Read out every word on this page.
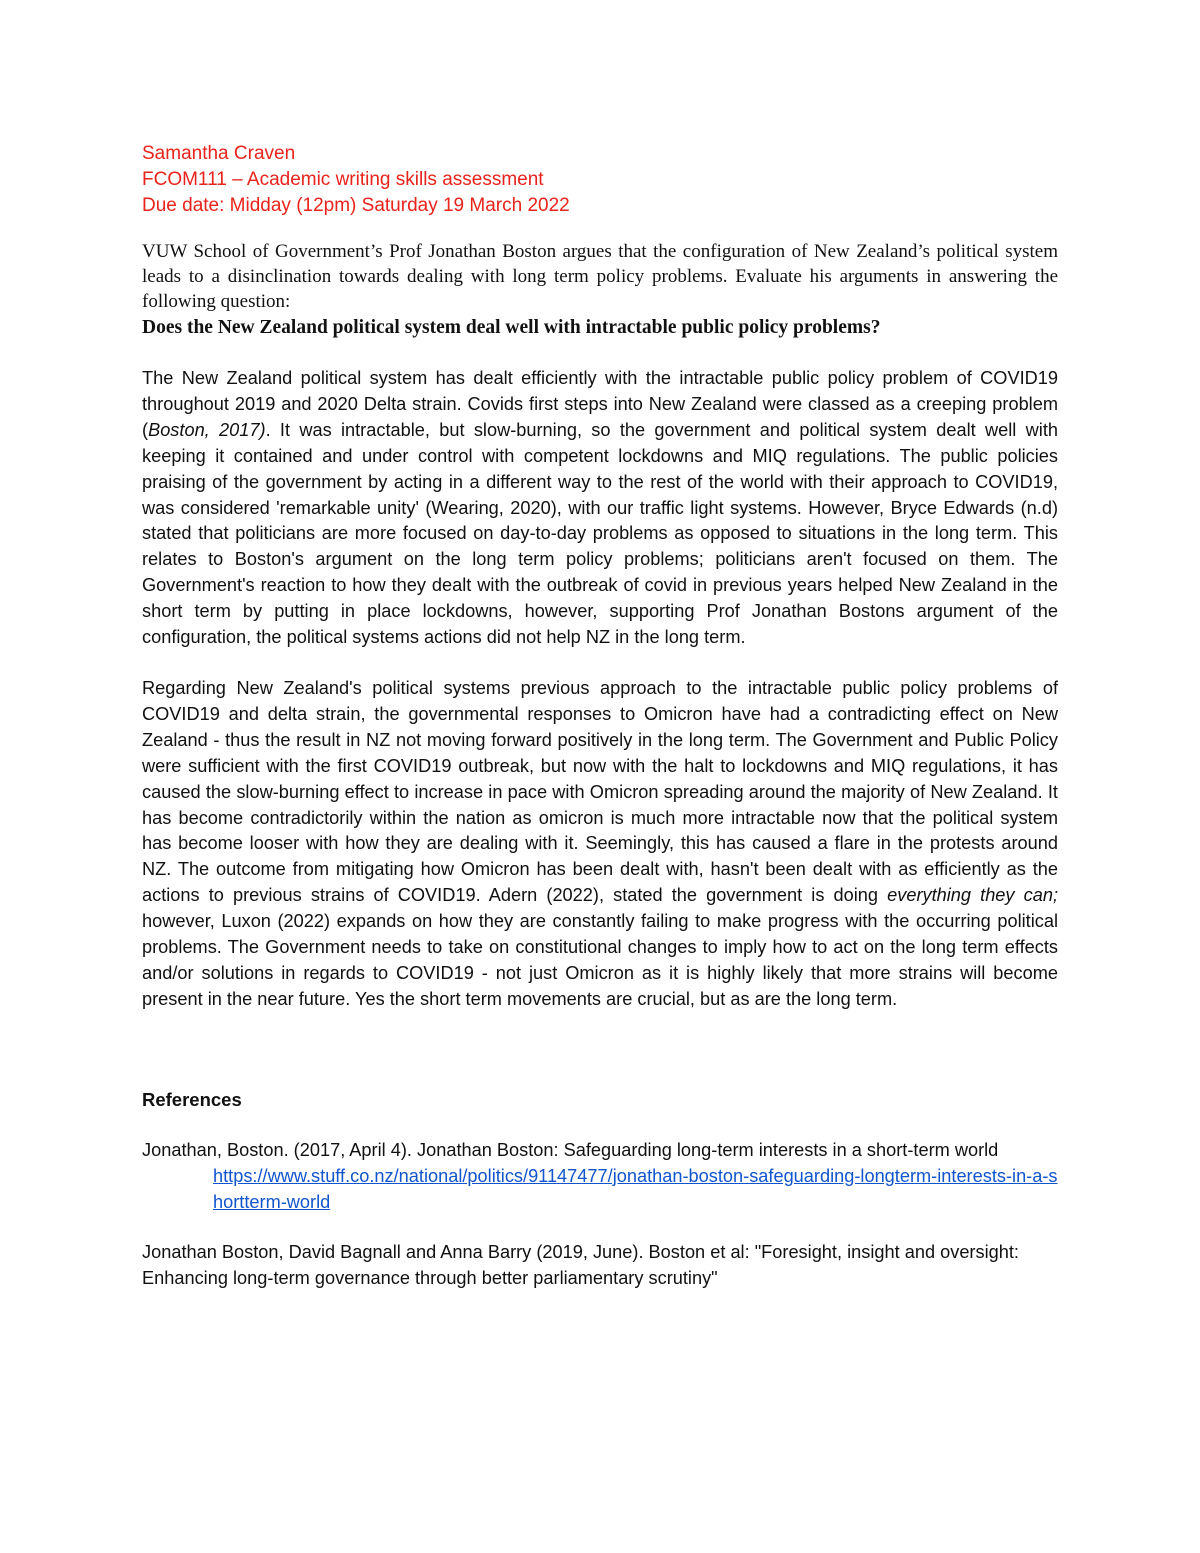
Samantha Craven
FCOM111 – Academic writing skills assessment
Due date: Midday (12pm) Saturday 19 March 2022
VUW School of Government’s Prof Jonathan Boston argues that the configuration of New Zealand’s political system leads to a disinclination towards dealing with long term policy problems. Evaluate his arguments in answering the following question:
Does the New Zealand political system deal well with intractable public policy problems?
The New Zealand political system has dealt efficiently with the intractable public policy problem of COVID19 throughout 2019 and 2020 Delta strain. Covids first steps into New Zealand were classed as a creeping problem (Boston, 2017). It was intractable, but slow-burning, so the government and political system dealt well with keeping it contained and under control with competent lockdowns and MIQ regulations. The public policies praising of the government by acting in a different way to the rest of the world with their approach to COVID19, was considered 'remarkable unity' (Wearing, 2020), with our traffic light systems. However, Bryce Edwards (n.d) stated that politicians are more focused on day-to-day problems as opposed to situations in the long term. This relates to Boston's argument on the long term policy problems; politicians aren't focused on them. The Government's reaction to how they dealt with the outbreak of covid in previous years helped New Zealand in the short term by putting in place lockdowns, however, supporting Prof Jonathan Bostons argument of the configuration, the political systems actions did not help NZ in the long term.
Regarding New Zealand's political systems previous approach to the intractable public policy problems of COVID19 and delta strain, the governmental responses to Omicron have had a contradicting effect on New Zealand - thus the result in NZ not moving forward positively in the long term. The Government and Public Policy were sufficient with the first COVID19 outbreak, but now with the halt to lockdowns and MIQ regulations, it has caused the slow-burning effect to increase in pace with Omicron spreading around the majority of New Zealand. It has become contradictorily within the nation as omicron is much more intractable now that the political system has become looser with how they are dealing with it. Seemingly, this has caused a flare in the protests around NZ. The outcome from mitigating how Omicron has been dealt with, hasn't been dealt with as efficiently as the actions to previous strains of COVID19. Adern (2022), stated the government is doing everything they can; however, Luxon (2022) expands on how they are constantly failing to make progress with the occurring political problems. The Government needs to take on constitutional changes to imply how to act on the long term effects and/or solutions in regards to COVID19 - not just Omicron as it is highly likely that more strains will become present in the near future. Yes the short term movements are crucial, but as are the long term.
References
Jonathan, Boston. (2017, April 4). Jonathan Boston: Safeguarding long-term interests in a short-term world
https://www.stuff.co.nz/national/politics/91147477/jonathan-boston-safeguarding-longterm-interests-in-a-shortterm-world
Jonathan Boston, David Bagnall and Anna Barry (2019, June). Boston et al: "Foresight, insight and oversight: Enhancing long-term governance through better parliamentary scrutiny"
